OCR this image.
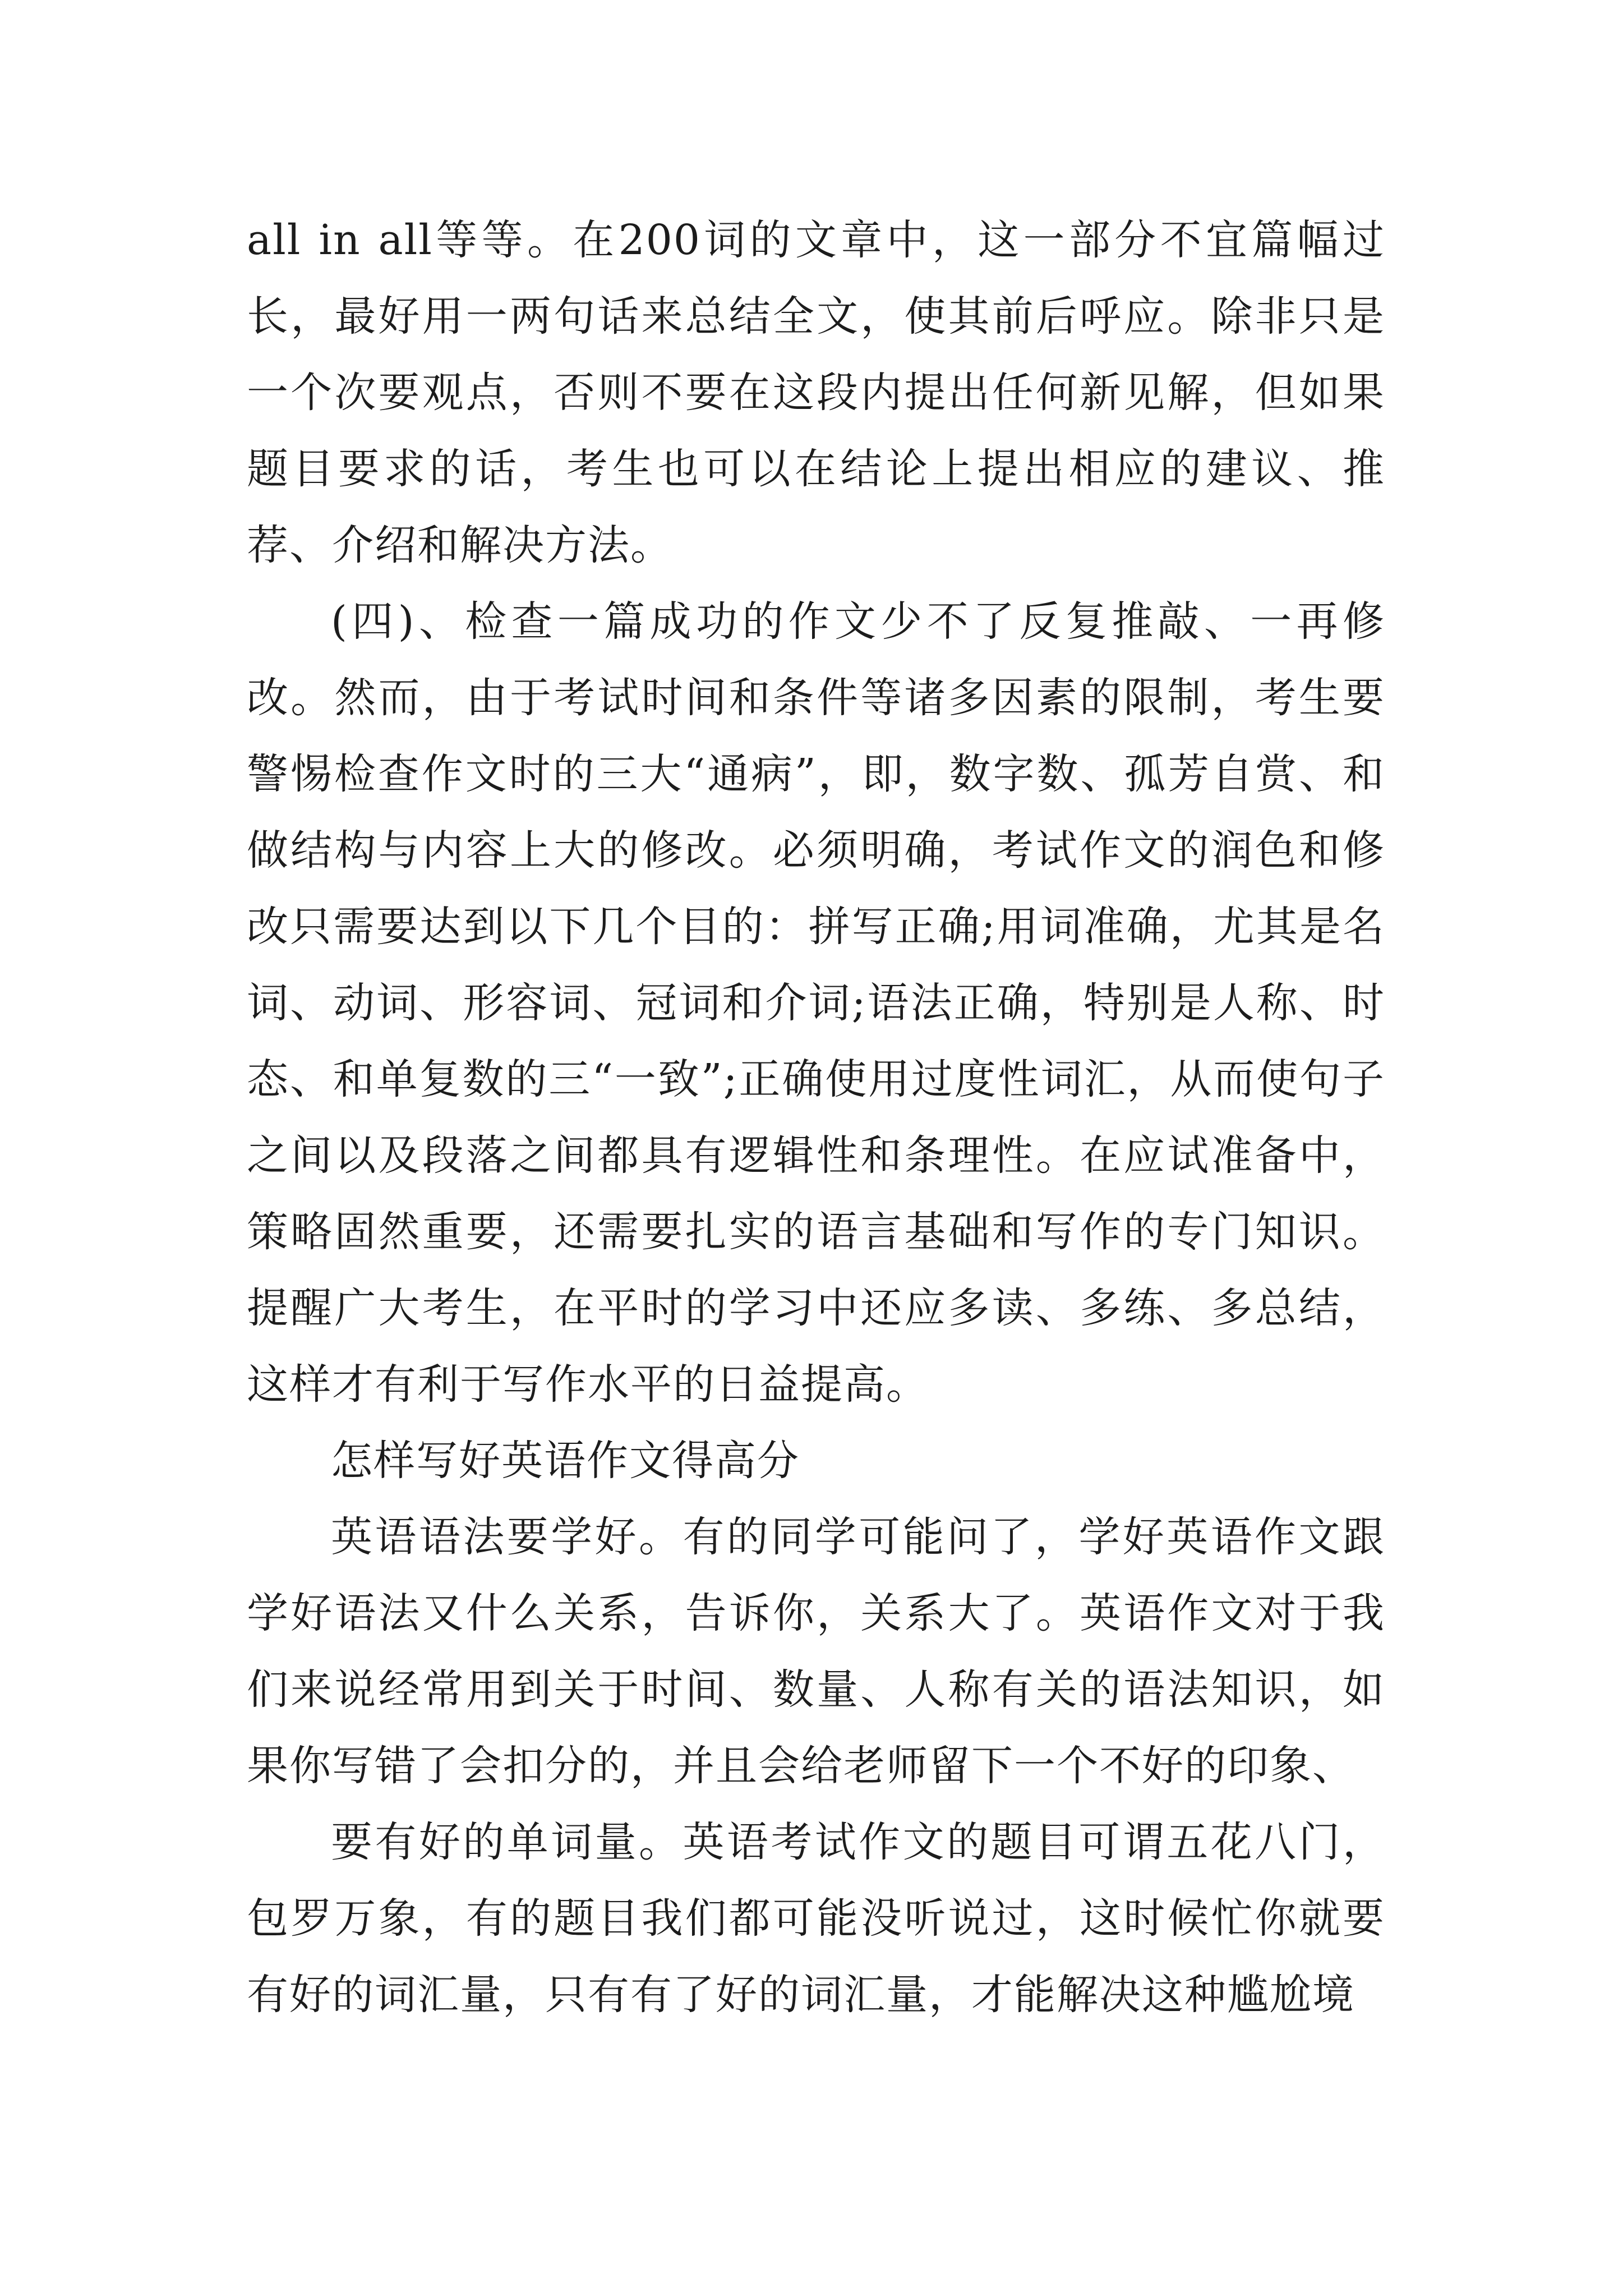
all in all等等。在200词的文章中，这一部分不宜篇幅过长，最好用一两句话来总结全文，使其前后呼应。除非只是一个次要观点，否则不要在这段内提出任何新见解，但如果题目要求的话，考生也可以在结论上提出相应的建议、推荐、介绍和解决方法。

(四)、检查一篇成功的作文少不了反复推敲、一再修改。然而，由于考试时间和条件等诸多因素的限制，考生要警惕检查作文时的三大“通病”，即，数字数、孤芳自赏、和做结构与内容上大的修改。必须明确，考试作文的润色和修改只需要达到以下几个目的：拼写正确;用词准确，尤其是名词、动词、形容词、冠词和介词;语法正确，特别是人称、时态、和单复数的三“一致”;正确使用过度性词汇，从而使句子之间以及段落之间都具有逻辑性和条理性。在应试准备中，策略固然重要，还需要扎实的语言基础和写作的专门知识。提醒广大考生，在平时的学习中还应多读、多练、多总结，这样才有利于写作水平的日益提高。

怎样写好英语作文得高分

英语语法要学好。有的同学可能问了，学好英语作文跟学好语法又什么关系，告诉你，关系大了。英语作文对于我们来说经常用到关于时间、数量、人称有关的语法知识，如果你写错了会扣分的，并且会给老师留下一个不好的印象、

要有好的单词量。英语考试作文的题目可谓五花八门，包罗万象，有的题目我们都可能没听说过，这时候忙你就要有好的词汇量，只有有了好的词汇量，才能解决这种尴尬境
